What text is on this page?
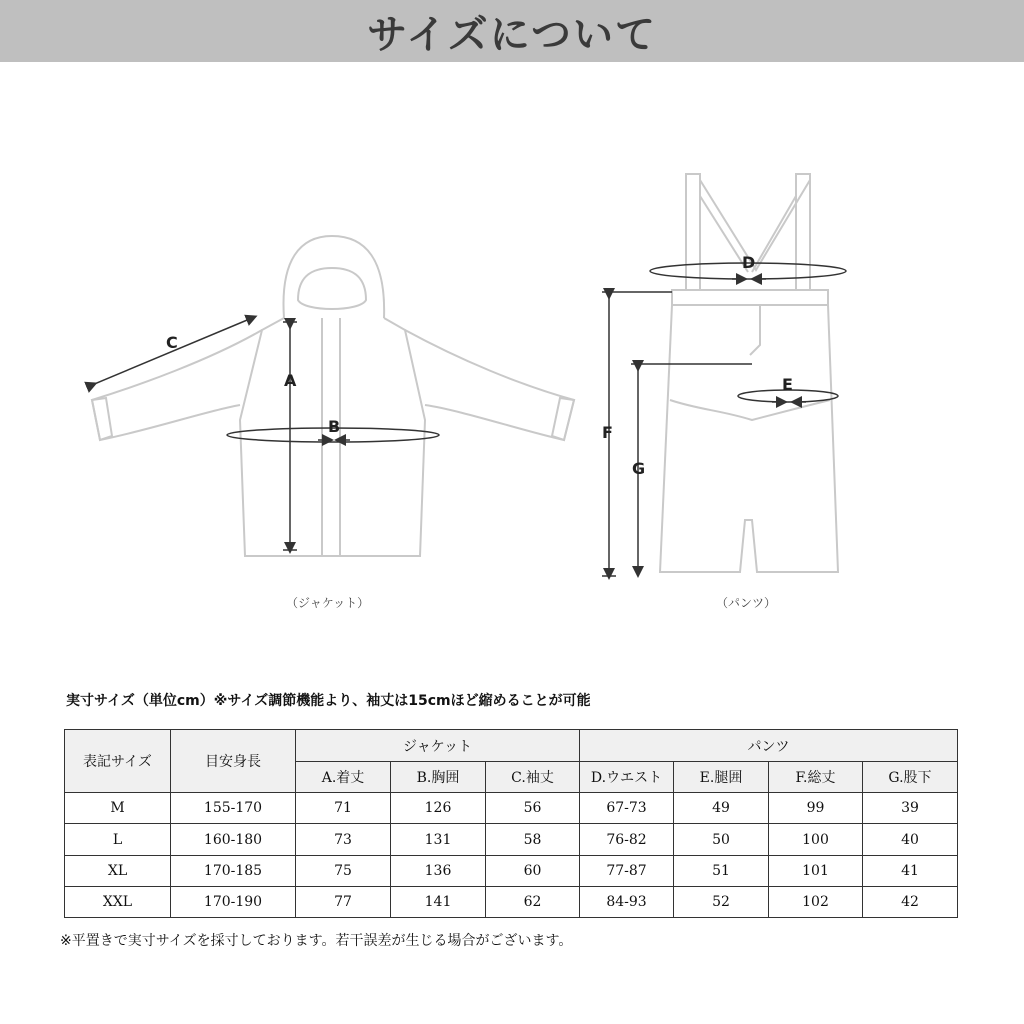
サイズについて
A
B
C
D
E
F
G
（ジャケット）	（パンツ）
実寸サイズ（単位cm）※サイズ調節機能より、袖丈は15cmほど縮めることが可能
表記サイズ	目安身長	ジャケット			パンツ			
		A.着丈	B.胸囲	C.袖丈	D.ウエスト	E.腿囲	F.総丈	G.股下
M	155-170	71	126	56	67-73	49	99	39
L	160-180	73	131	58	76-82	50	100	40
XL	170-185	75	136	60	77-87	51	101	41
XXL	170-190	77	141	62	84-93	52	102	42
※平置きで実寸サイズを採寸しております。若干誤差が生じる場合がございます。
